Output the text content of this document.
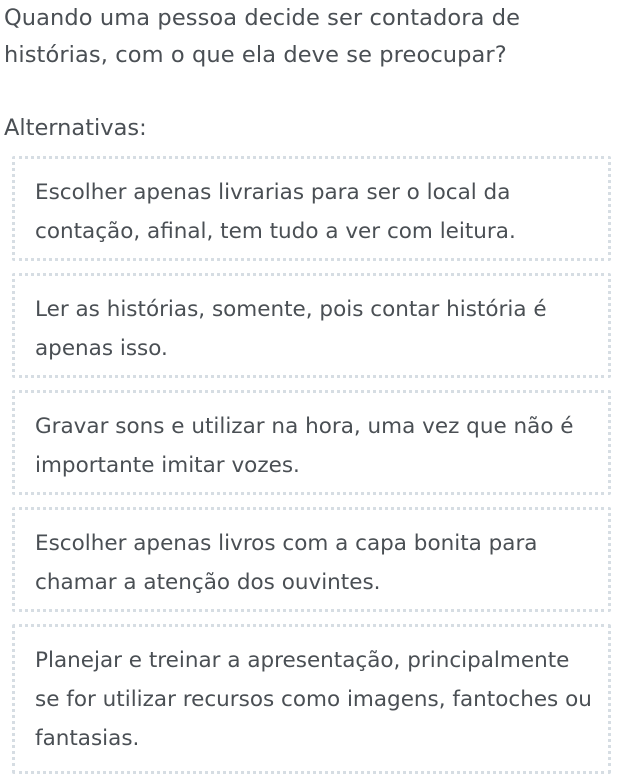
Quando uma pessoa decide ser contadora de histórias, com o que ela deve se preocupar?

Alternativas:

Escolher apenas livrarias para ser o local da contação, afinal, tem tudo a ver com leitura.
Ler as histórias, somente, pois contar história é apenas isso.
Gravar sons e utilizar na hora, uma vez que não é importante imitar vozes.
Escolher apenas livros com a capa bonita para chamar a atenção dos ouvintes.
Planejar e treinar a apresentação, principalmente se for utilizar recursos como imagens, fantoches ou fantasias.
